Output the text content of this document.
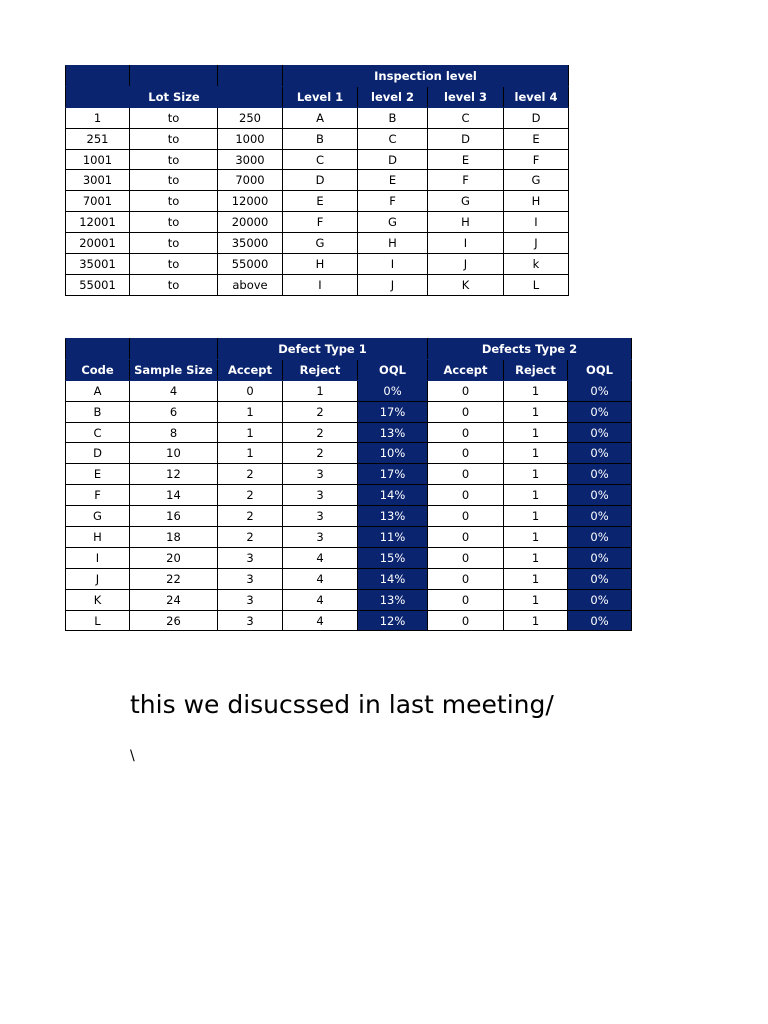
			Inspection level			
Lot Size			Level 1	level 2	level 3	level 4
1	to	250	A	B	C	D
251	to	1000	B	C	D	E
1001	to	3000	C	D	E	F
3001	to	7000	D	E	F	G
7001	to	12000	E	F	G	H
12001	to	20000	F	G	H	I
20001	to	35000	G	H	I	J
35001	to	55000	H	I	J	k
55001	to	above	I	J	K	L
		Defect Type 1			Defects Type 2		
Code	Sample Size	Accept	Reject	OQL	Accept	Reject	OQL
A	4	0	1	0%	0	1	0%
B	6	1	2	17%	0	1	0%
C	8	1	2	13%	0	1	0%
D	10	1	2	10%	0	1	0%
E	12	2	3	17%	0	1	0%
F	14	2	3	14%	0	1	0%
G	16	2	3	13%	0	1	0%
H	18	2	3	11%	0	1	0%
I	20	3	4	15%	0	1	0%
J	22	3	4	14%	0	1	0%
K	24	3	4	13%	0	1	0%
L	26	3	4	12%	0	1	0%
this we disucssed in last meeting/
\
